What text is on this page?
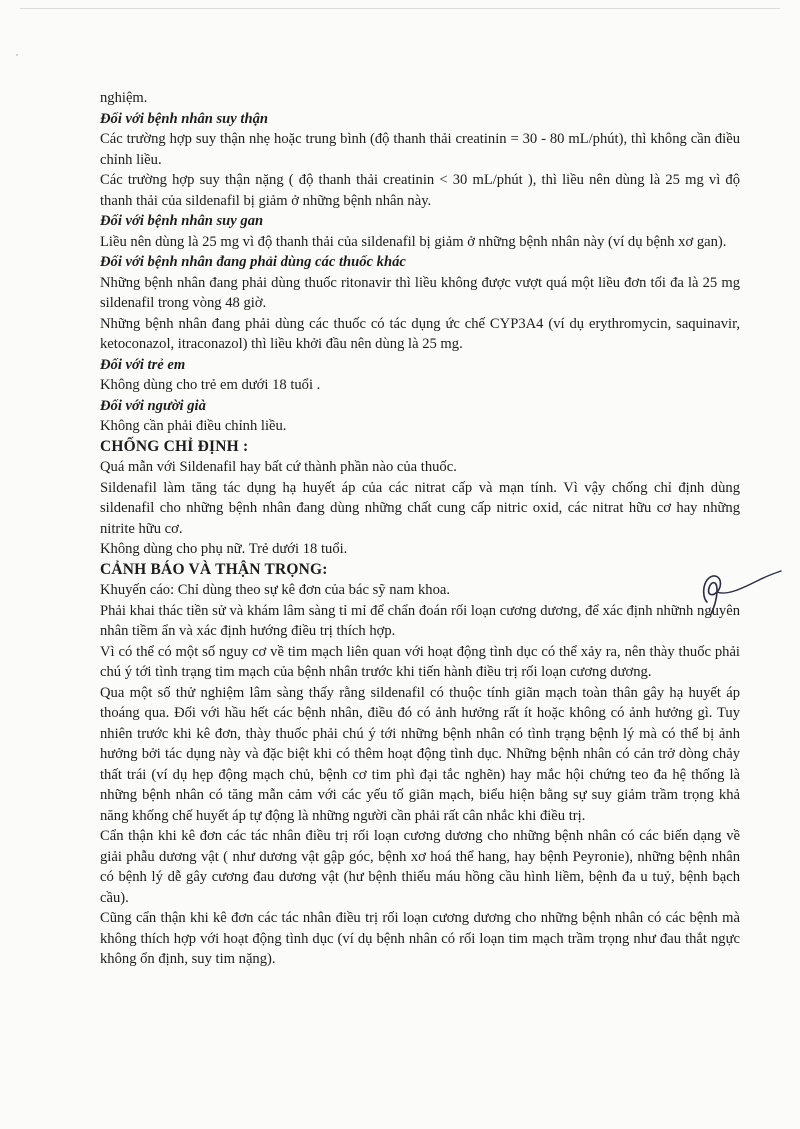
nghiệm.

Đối với bệnh nhân suy thận

Các trường hợp suy thận nhẹ hoặc trung bình (độ thanh thải creatinin = 30 - 80 mL/phút), thì không cần điều chỉnh liều.

Các trường hợp suy thận nặng ( độ thanh thải creatinin < 30 mL/phút ), thì liều nên dùng là 25 mg vì độ thanh thải của sildenafil bị giảm ở những bệnh nhân này.

Đối với bệnh nhân suy gan

Liều nên dùng là 25 mg vì độ thanh thải của sildenafil bị giảm ở những bệnh nhân này (ví dụ bệnh xơ gan).

Đối với bệnh nhân đang phải dùng các thuốc khác

Những bệnh nhân đang phải dùng thuốc ritonavir thì liều không được vượt quá một liều đơn tối đa là 25 mg sildenafil trong vòng 48 giờ.

Những bệnh nhân đang phải dùng các thuốc có tác dụng ức chế CYP3A4 (ví dụ erythromycin, saquinavir, ketoconazol, itraconazol) thì liều khởi đầu nên dùng là 25 mg.

Đối với trẻ em

Không dùng cho trẻ em dưới 18 tuổi .

Đối với người già

Không cần phải điều chỉnh liều.

CHỐNG CHỈ ĐỊNH :

Quá mẫn với Sildenafil hay bất cứ thành phần nào của thuốc.

Sildenafil làm tăng tác dụng hạ huyết áp của các nitrat cấp và mạn tính. Vì vậy chống chỉ định dùng sildenafil cho những bệnh nhân đang dùng những chất cung cấp nitric oxid, các nitrat hữu cơ hay những nitrite hữu cơ.

Không dùng cho phụ nữ. Trẻ dưới 18 tuổi.

CẢNH BÁO VÀ THẬN TRỌNG:

Khuyến cáo: Chỉ dùng theo sự kê đơn của bác sỹ nam khoa.

Phải khai thác tiền sử và khám lâm sàng tỉ mỉ để chẩn đoán rối loạn cương dương, để xác định nhữnh nguyên nhân tiềm ẩn và xác định hướng điều trị thích hợp.

Vì có thể có một số nguy cơ về tim mạch liên quan với hoạt động tình dục có thể xảy ra, nên thày thuốc phải chú ý tới tình trạng tim mạch của bệnh nhân trước khi tiến hành điều trị rối loạn cương dương.

Qua một số thử nghiệm lâm sàng thấy rằng sildenafil có thuộc tính giãn mạch toàn thân gây hạ huyết áp thoáng qua. Đối với hầu hết các bệnh nhân, điều đó có ảnh hưởng rất ít hoặc không có ảnh hưởng gì. Tuy nhiên trước khi kê đơn, thày thuốc phải chú ý tới những bệnh nhân có tình trạng bệnh lý mà có thể bị ảnh hưởng bởi tác dụng này và đặc biệt khi có thêm hoạt động tình dục. Những bệnh nhân có cản trở dòng chảy thất trái (ví dụ hẹp động mạch chủ, bệnh cơ tim phì đại tắc nghẽn) hay mắc hội chứng teo đa hệ thống là những bệnh nhân có tăng mẫn cảm với các yếu tố giãn mạch, biểu hiện bằng sự suy giảm trầm trọng khả năng khống chế huyết áp tự động là những người cần phải rất cân nhắc khi điều trị.

Cẩn thận khi kê đơn các tác nhân điều trị rối loạn cương dương cho những bệnh nhân có các biến dạng về giải phẫu dương vật ( như dương vật gập góc, bệnh xơ hoá thể hang, hay bệnh Peyronie), những bệnh nhân có bệnh lý dễ gây cương đau dương vật (hư bệnh thiếu máu hồng cầu hình liềm, bệnh đa u tuỷ, bệnh bạch cầu).

Cũng cẩn thận khi kê đơn các tác nhân điều trị rối loạn cương dương cho những bệnh nhân có các bệnh mà không thích hợp với hoạt động tình dục (ví dụ bệnh nhân có rối loạn tim mạch trầm trọng như đau thắt ngực không ổn định, suy tim nặng).
